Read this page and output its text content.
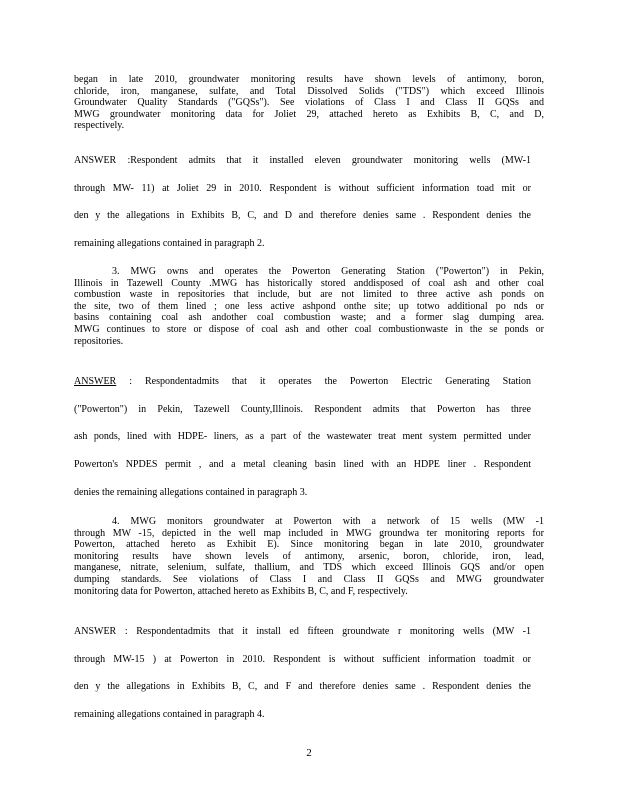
began in late 2010, groundwater monitoring results have shown levels of antimony, boron,
chloride, iron, manganese, sulfate, and Total Dissolved Solids ("TDS") which exceed Illinois
Groundwater Quality Standards ("GQSs"). See violations of Class I and Class II GQSs and
MWG groundwater monitoring data for Joliet 29, attached hereto as Exhibits B, C, and D,
respectively.
ANSWER :Respondent admits that it installed eleven groundwater monitoring wells (MW-1
through MW- 11) at Joliet 29 in 2010. Respondent is without sufficient information toad mit or
den y the allegations in Exhibits B, C, and D and therefore denies same . Respondent denies the
remaining allegations contained in paragraph 2.
3. MWG owns and operates the Powerton Generating Station ("Powerton") in Pekin,
Illinois in Tazewell County .MWG has historically stored anddisposed of coal ash and other coal
combustion waste in repositories that include, but are not limited to three active ash ponds on
the site, two of them lined ; one less active ashpond onthe site; up totwo additional po nds or
basins containing coal ash andother coal combustion waste; and a former slag dumping area.
MWG continues to store or dispose of coal ash and other coal combustionwaste in the se ponds or
repositories.
ANSWER : Respondentadmits that it operates the Powerton Electric Generating Station
("Powerton") in Pekin, Tazewell County,Illinois. Respondent admits that Powerton has three
ash ponds, lined with HDPE- liners, as a part of the wastewater treat ment system permitted under
Powerton's NPDES permit , and a metal cleaning basin lined with an HDPE liner . Respondent
denies the remaining allegations contained in paragraph 3.
4. MWG monitors groundwater at Powerton with a network of 15 wells (MW -1
through MW -15, depicted in the well map included in MWG groundwa ter monitoring reports for
Powerton, attached hereto as Exhibit E). Since monitoring began in late 2010, groundwater
monitoring results have shown levels of antimony, arsenic, boron, chloride, iron, lead,
manganese, nitrate, selenium, sulfate, thallium, and TDS which exceed Illinois GQS and/or open
dumping standards. See violations of Class I and Class II GQSs and MWG groundwater
monitoring data for Powerton, attached hereto as Exhibits B, C, and F, respectively.
ANSWER : Respondentadmits that it install ed fifteen groundwate r monitoring wells (MW -1
through MW-15 ) at Powerton in 2010. Respondent is without sufficient information toadmit or
den y the allegations in Exhibits B, C, and F and therefore denies same . Respondent denies the
remaining allegations contained in paragraph 4.
2
